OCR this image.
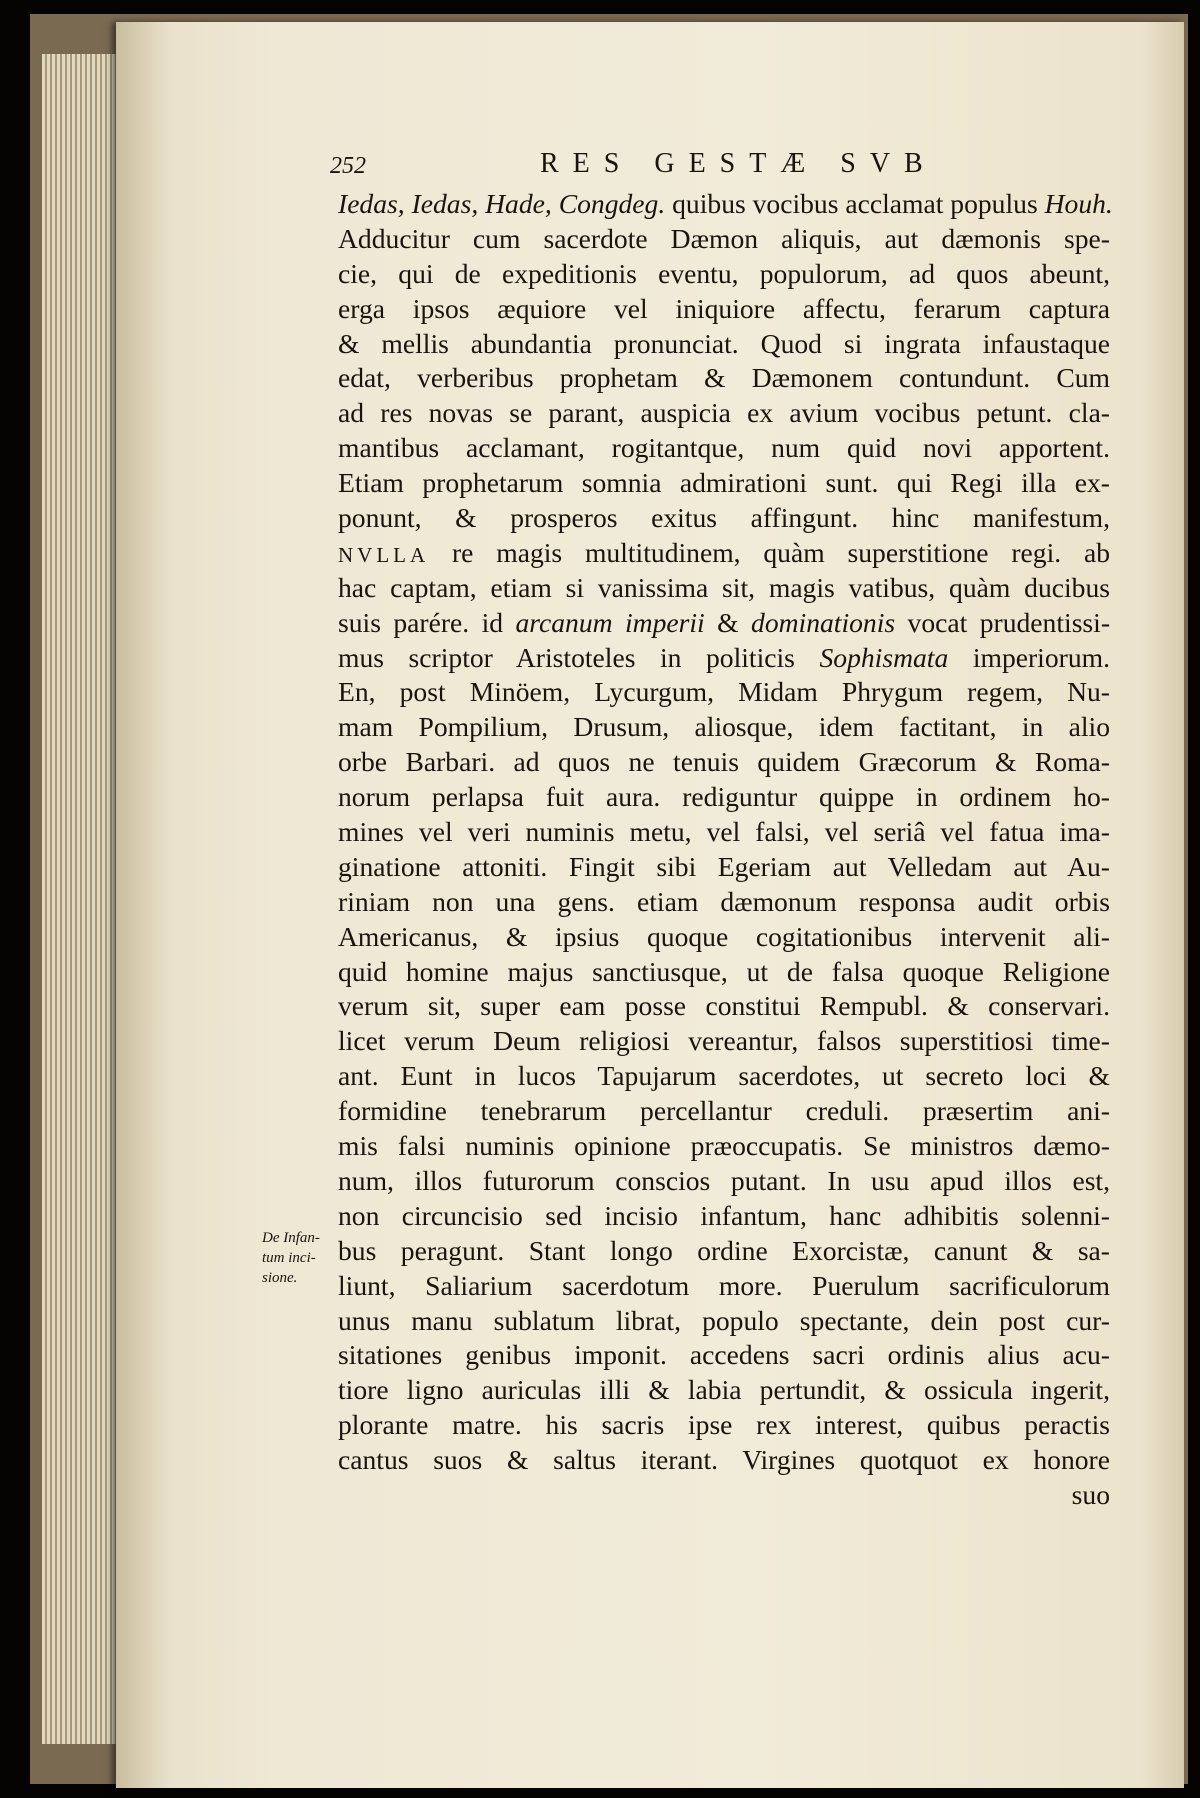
252	RES GESTÆ SVB
De Infan-
tum inci-
sione.
Iedas, Iedas, Hade, Congdeg. quibus vocibus acclamat populus Houh.
Adducitur cum sacerdote Dæmon aliquis, aut dæmonis spe-
cie, qui de expeditionis eventu, populorum, ad quos abeunt,
erga ipsos æquiore vel iniquiore affectu, ferarum captura
& mellis abundantia pronunciat. Quod si ingrata infaustaque
edat, verberibus prophetam & Dæmonem contundunt. Cum
ad res novas se parant, auspicia ex avium vocibus petunt. cla-
mantibus acclamant, rogitantque, num quid novi apportent.
Etiam prophetarum somnia admirationi sunt. qui Regi illa ex-
ponunt, & prosperos exitus affingunt. hinc manifestum,
NVLLA re magis multitudinem, quàm superstitione regi. ab
hac captam, etiam si vanissima sit, magis vatibus, quàm ducibus
suis parére. id arcanum imperii & dominationis vocat prudentissi-
mus scriptor Aristoteles in politicis Sophismata imperiorum.
En, post Minöem, Lycurgum, Midam Phrygum regem, Nu-
mam Pompilium, Drusum, aliosque, idem factitant, in alio
orbe Barbari. ad quos ne tenuis quidem Græcorum & Roma-
norum perlapsa fuit aura. rediguntur quippe in ordinem ho-
mines vel veri numinis metu, vel falsi, vel seriâ vel fatua ima-
ginatione attoniti. Fingit sibi Egeriam aut Velledam aut Au-
riniam non una gens. etiam dæmonum responsa audit orbis
Americanus, & ipsius quoque cogitationibus intervenit ali-
quid homine majus sanctiusque, ut de falsa quoque Religione
verum sit, super eam posse constitui Rempubl. & conservari.
licet verum Deum religiosi vereantur, falsos superstitiosi time-
ant. Eunt in lucos Tapujarum sacerdotes, ut secreto loci &
formidine tenebrarum percellantur creduli. præsertim ani-
mis falsi numinis opinione præoccupatis. Se ministros dæmo-
num, illos futurorum conscios putant. In usu apud illos est,
non circuncisio sed incisio infantum, hanc adhibitis solenni-
bus peragunt. Stant longo ordine Exorcistæ, canunt & sa-
liunt, Saliarium sacerdotum more. Puerulum sacrificulorum
unus manu sublatum librat, populo spectante, dein post cur-
sitationes genibus imponit. accedens sacri ordinis alius acu-
tiore ligno auriculas illi & labia pertundit, & ossicula ingerit,
plorante matre. his sacris ipse rex interest, quibus peractis
cantus suos & saltus iterant. Virgines quotquot ex honore
suo
